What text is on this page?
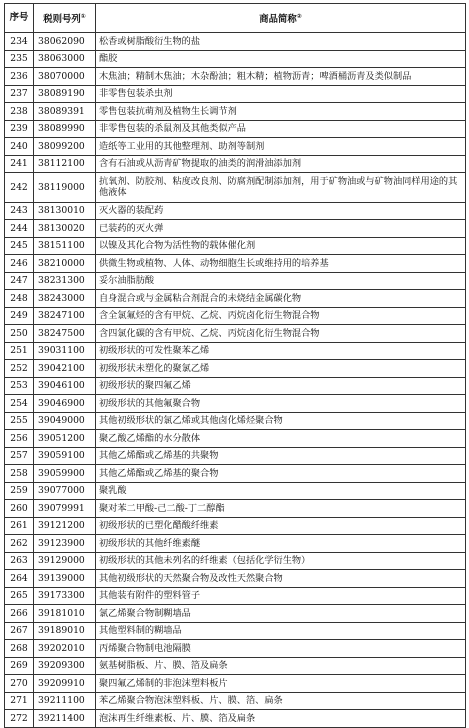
序号	税则号列①	商品简称②
234	38062090	松香或树脂酸衍生物的盐
235	38063000	酯胶
236	38070000	木焦油；精制木焦油；木杂酚油；粗木精；植物沥青；啤酒桶沥青及类似制品
237	38089190	非零售包装杀虫剂
238	38089391	零售包装抗萌剂及植物生长调节剂
239	38089990	非零售包装的杀鼠剂及其他类似产品
240	38099200	造纸等工业用的其他整理剂、助剂等制剂
241	38112100	含有石油或从沥青矿物提取的油类的润滑油添加剂
242	38119000	抗氧剂、防胶剂、粘度改良剂、防腐剂配制添加剂，用于矿物油或与矿物油同样用途的其他液体
243	38130010	灭火器的装配药
244	38130020	已装药的灭火弹
245	38151100	以镍及其化合物为活性物的载体催化剂
246	38210000	供微生物或植物、人体、动物细胞生长或维持用的培养基
247	38231300	妥尔油脂肪酸
248	38243000	自身混合或与金属粘合剂混合的未烧结金属碳化物
249	38247100	含全氯氟烃的含有甲烷、乙烷、丙烷卤化衍生物混合物
250	38247500	含四氯化碳的含有甲烷、乙烷、丙烷卤化衍生物混合物
251	39031100	初级形状的可发性聚苯乙烯
252	39042100	初级形状未塑化的聚氯乙烯
253	39046100	初级形状的聚四氟乙烯
254	39046900	初级形状的其他氟聚合物
255	39049000	其他初级形状的氯乙烯或其他卤化烯烃聚合物
256	39051200	聚乙酸乙烯酯的水分散体
257	39059100	其他乙烯酯或乙烯基的共聚物
258	39059900	其他乙烯酯或乙烯基的聚合物
259	39077000	聚乳酸
260	39079991	聚对苯二甲酸-己二酸-丁二醇酯
261	39121200	初级形状的已塑化醋酸纤维素
262	39123900	初级形状的其他纤维素醚
263	39129000	初级形状的其他未列名的纤维素（包括化学衍生物）
264	39139000	其他初级形状的天然聚合物及改性天然聚合物
265	39173300	其他装有附件的塑料管子
266	39181010	氯乙烯聚合物制糊墙品
267	39189010	其他塑料制的糊墙品
268	39202010	丙烯聚合物制电池隔膜
269	39209300	氨基树脂板、片、膜、箔及扁条
270	39209910	聚四氟乙烯制的非泡沫塑料板片
271	39211100	苯乙烯聚合物泡沫塑料板、片、膜、箔、扁条
272	39211400	泡沫再生纤维素板、片、膜、箔及扁条
